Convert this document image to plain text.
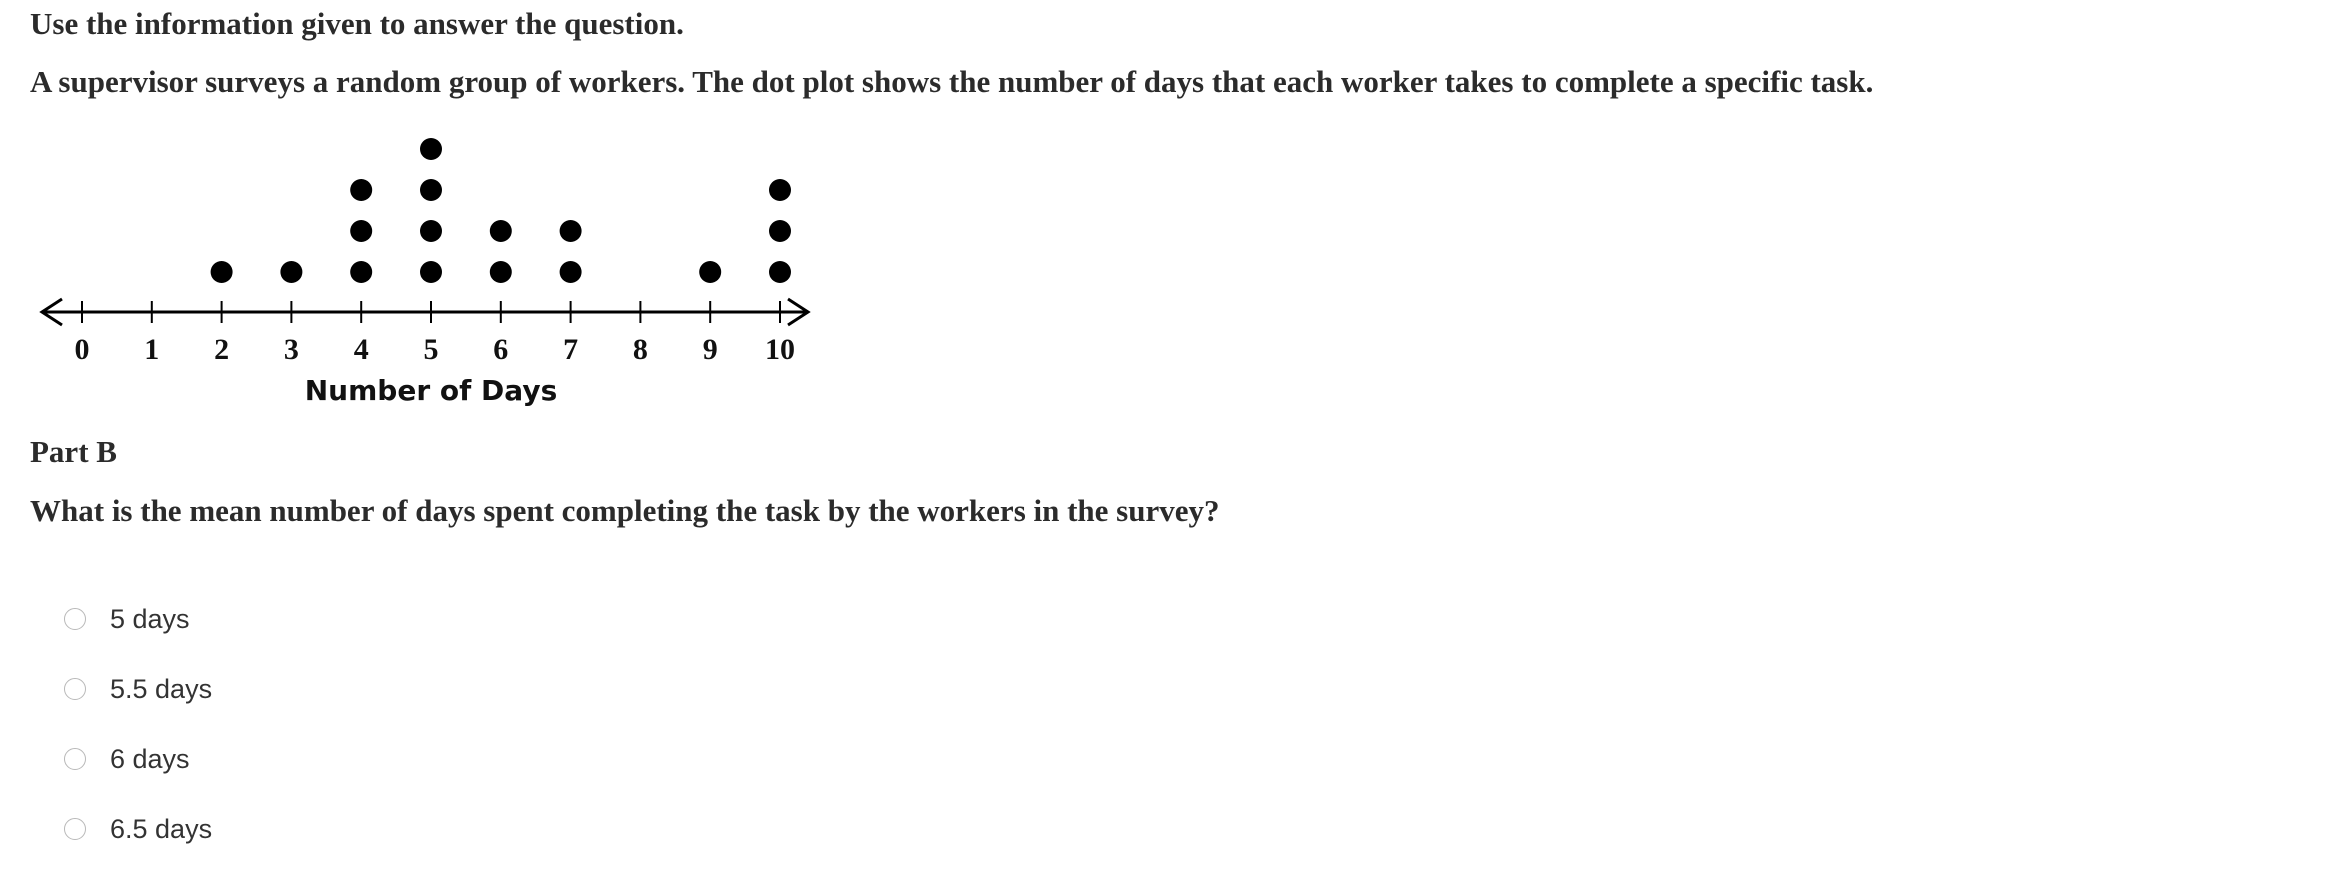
Use the information given to answer the question.

A supervisor surveys a random group of workers. The dot plot shows the number of days that each worker takes to complete a specific task.

0 1 2 3 4 5 6 7 8 9 10
Number of Days

Part B

What is the mean number of days spent completing the task by the workers in the survey?

5 days
5.5 days
6 days
6.5 days
